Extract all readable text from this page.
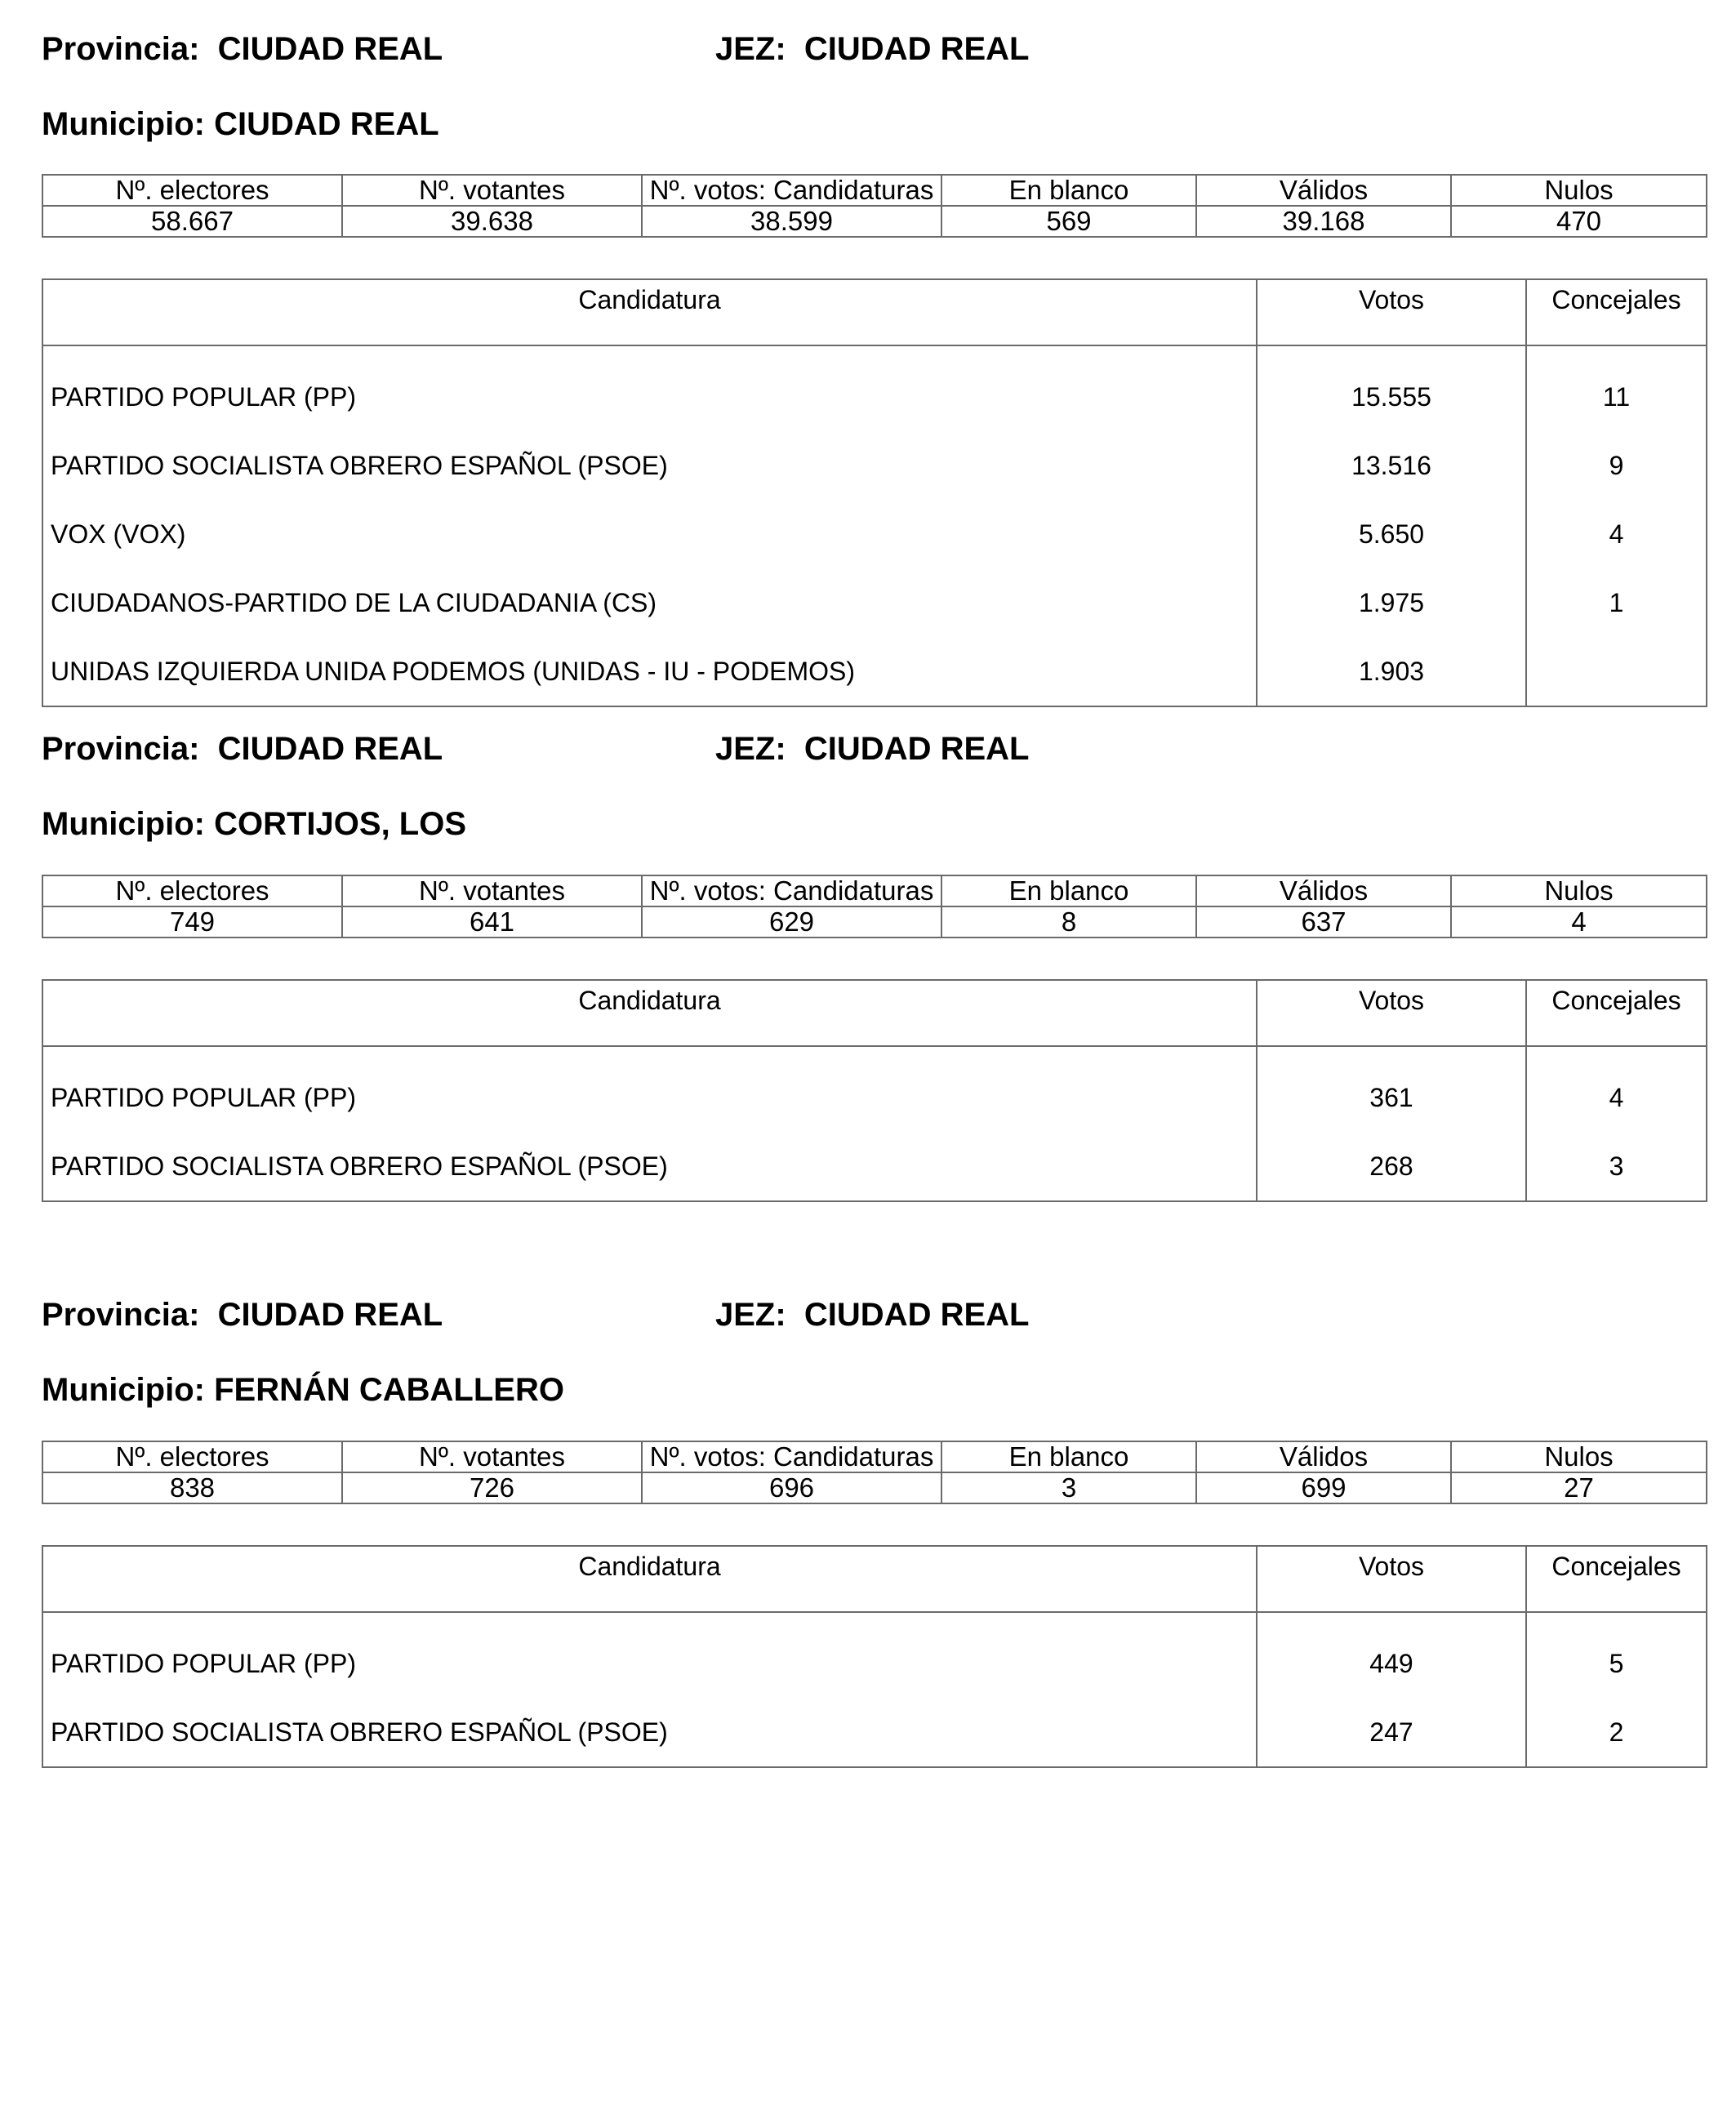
Provincia: CIUDAD REAL	JEZ: CIUDAD REAL
Municipio: CIUDAD REAL
Nº. electores	Nº. votantes	Nº. votos: Candidaturas	En blanco	Válidos	Nulos
58.667	39.638	38.599	569	39.168	470
Candidatura	Votos	Concejales
PARTIDO POPULAR (PP)	15.555	11
PARTIDO SOCIALISTA OBRERO ESPAÑOL (PSOE)	13.516	9
VOX (VOX)	5.650	4
CIUDADANOS-PARTIDO DE LA CIUDADANIA (CS)	1.975	1
UNIDAS IZQUIERDA UNIDA PODEMOS (UNIDAS - IU - PODEMOS)	1.903	
Provincia: CIUDAD REAL	JEZ: CIUDAD REAL
Municipio: CORTIJOS, LOS
Nº. electores	Nº. votantes	Nº. votos: Candidaturas	En blanco	Válidos	Nulos
749	641	629	8	637	4
Candidatura	Votos	Concejales
PARTIDO POPULAR (PP)	361	4
PARTIDO SOCIALISTA OBRERO ESPAÑOL (PSOE)	268	3
Provincia: CIUDAD REAL	JEZ: CIUDAD REAL
Municipio: FERNÁN CABALLERO
Nº. electores	Nº. votantes	Nº. votos: Candidaturas	En blanco	Válidos	Nulos
838	726	696	3	699	27
Candidatura	Votos	Concejales
PARTIDO POPULAR (PP)	449	5
PARTIDO SOCIALISTA OBRERO ESPAÑOL (PSOE)	247	2
